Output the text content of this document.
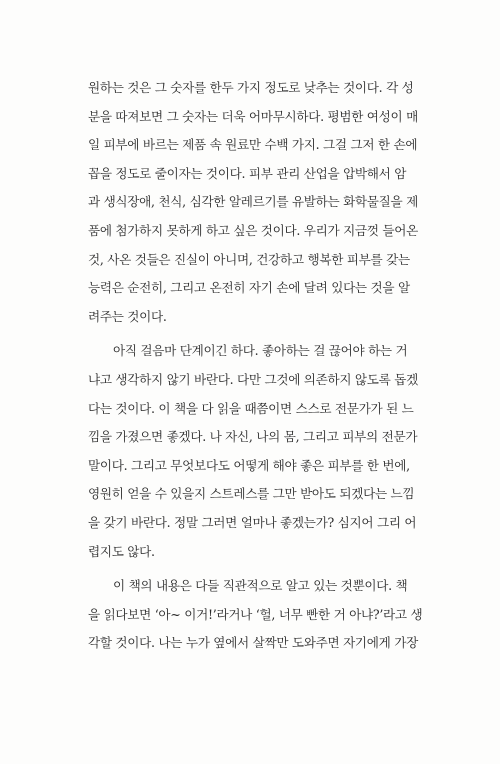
원하는 것은 그 숫자를 한두 가지 정도로 낮추는 것이다. 각 성
분을 따져보면 그 숫자는 더욱 어마무시하다. 평범한 여성이 매
일 피부에 바르는 제품 속 원료만 수백 가지. 그걸 그저 한 손에
꼽을 정도로 줄이자는 것이다. 피부 관리 산업을 압박해서 암
과 생식장애, 천식, 심각한 알레르기를 유발하는 화학물질을 제
품에 첨가하지 못하게 하고 싶은 것이다. 우리가 지금껏 들어온
것, 사온 것들은 진실이 아니며, 건강하고 행복한 피부를 갖는
능력은 순전히, 그리고 온전히 자기 손에 달려 있다는 것을 알
려주는 것이다.
아직 걸음마 단계이긴 하다. 좋아하는 걸 끊어야 하는 거
냐고 생각하지 않기 바란다. 다만 그것에 의존하지 않도록 돕겠
다는 것이다. 이 책을 다 읽을 때쯤이면 스스로 전문가가 된 느
낌을 가졌으면 좋겠다. 나 자신, 나의 몸, 그리고 피부의 전문가
말이다. 그리고 무엇보다도 어떻게 해야 좋은 피부를 한 번에,
영원히 얻을 수 있을지 스트레스를 그만 받아도 되겠다는 느낌
을 갖기 바란다. 정말 그러면 얼마나 좋겠는가? 심지어 그리 어
렵지도 않다.
이 책의 내용은 다들 직관적으로 알고 있는 것뿐이다. 책
을 읽다보면 ‘아~ 이거!’라거나 ‘헐, 너무 빤한 거 아냐?’라고 생
각할 것이다. 나는 누가 옆에서 살짝만 도와주면 자기에게 가장
